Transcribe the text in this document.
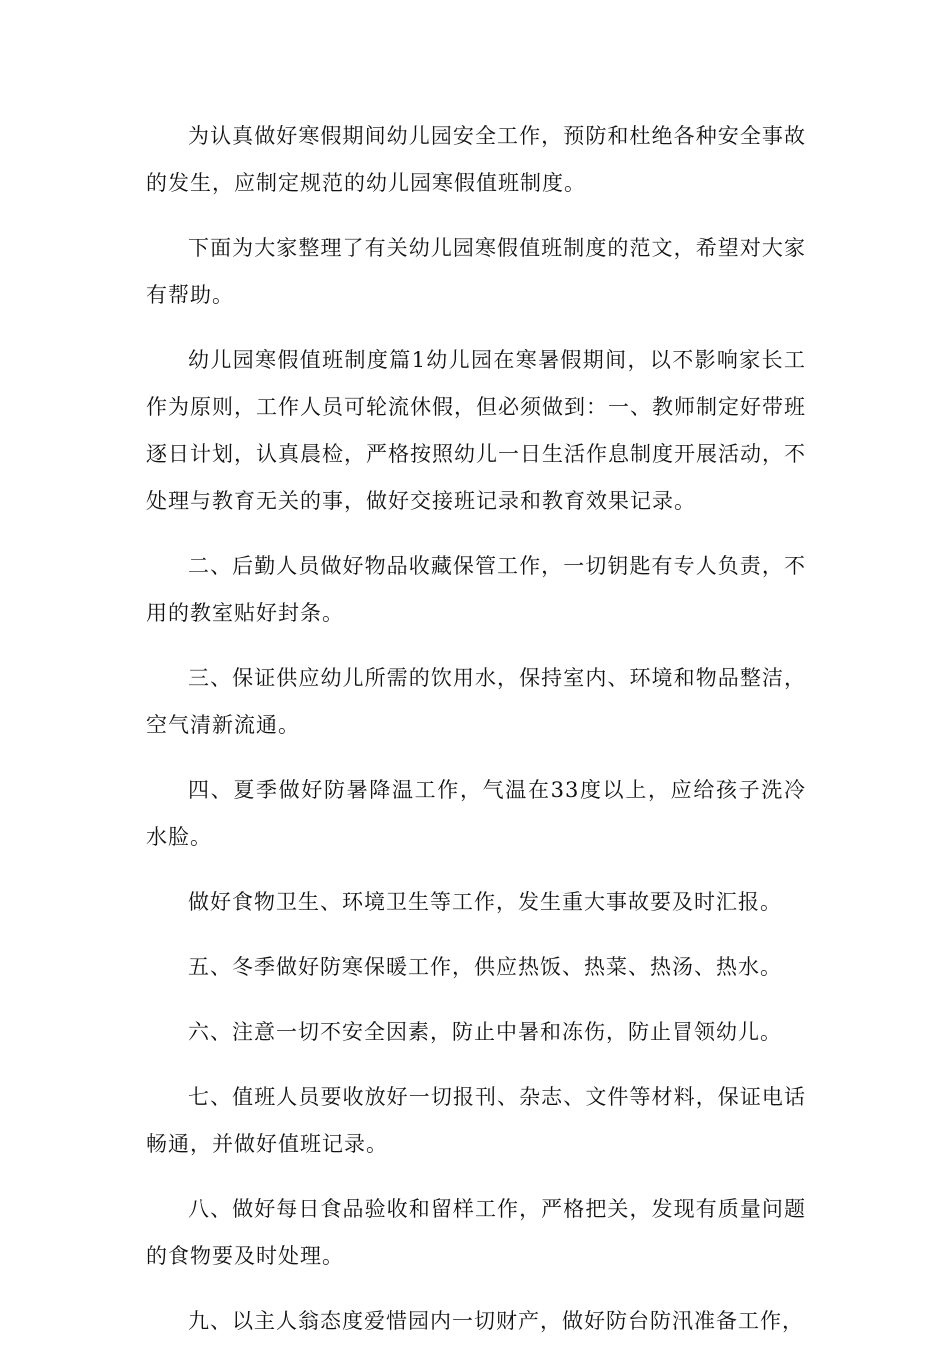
为认真做好寒假期间幼儿园安全工作，预防和杜绝各种安全事故的发生，应制定规范的幼儿园寒假值班制度。

下面为大家整理了有关幼儿园寒假值班制度的范文，希望对大家有帮助。

幼儿园寒假值班制度篇1幼儿园在寒暑假期间，以不影响家长工作为原则，工作人员可轮流休假，但必须做到：一、教师制定好带班逐日计划，认真晨检，严格按照幼儿一日生活作息制度开展活动，不处理与教育无关的事，做好交接班记录和教育效果记录。

二、后勤人员做好物品收藏保管工作，一切钥匙有专人负责，不用的教室贴好封条。

三、保证供应幼儿所需的饮用水，保持室内、环境和物品整洁，空气清新流通。

四、夏季做好防暑降温工作，气温在33度以上，应给孩子洗冷水脸。

做好食物卫生、环境卫生等工作，发生重大事故要及时汇报。

五、冬季做好防寒保暖工作，供应热饭、热菜、热汤、热水。

六、注意一切不安全因素，防止中暑和冻伤，防止冒领幼儿。

七、值班人员要收放好一切报刊、杂志、文件等材料，保证电话畅通，并做好值班记录。

八、做好每日食品验收和留样工作，严格把关，发现有质量问题的食物要及时处理。

九、以主人翁态度爱惜园内一切财产，做好防台防汛准备工作，
